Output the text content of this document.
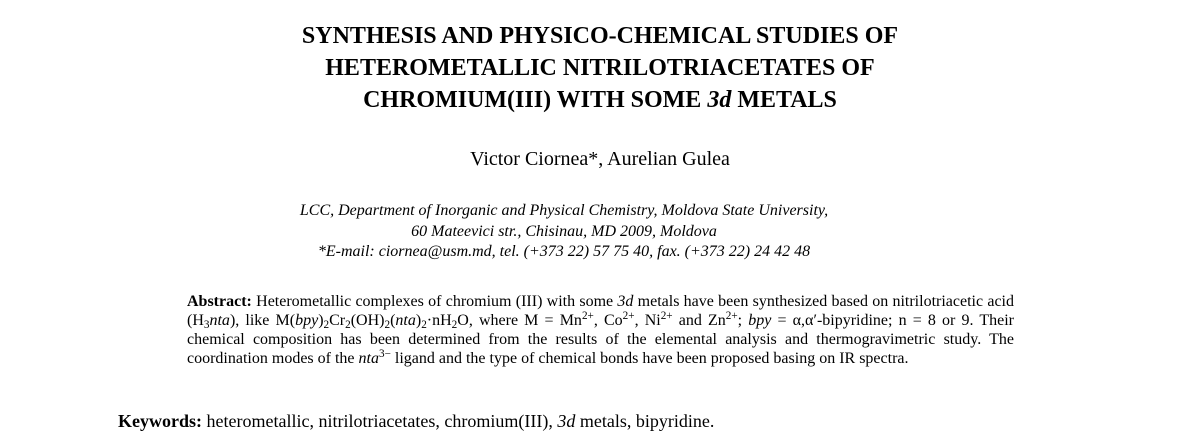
SYNTHESIS AND PHYSICO-CHEMICAL STUDIES OF
HETEROMETALLIC NITRILOTRIACETATES OF
CHROMIUM(III) WITH SOME 3d METALS
Victor Ciornea*, Aurelian Gulea
LCC, Department of Inorganic and Physical Chemistry, Moldova State University,
60 Mateevici str., Chisinau, MD 2009, Moldova
*E-mail: ciornea@usm.md, tel. (+373 22) 57 75 40, fax. (+373 22) 24 42 48
Abstract: Heterometallic complexes of chromium (III) with some 3d metals have been synthesized based on nitrilotriacetic acid $(H_3nta)$, like $M(bpy)_2Cr_2(OH)_2(nta)_2\cdot nH_2O$, where $M = Mn^{2+}$, $Co^{2+}$, $Ni^{2+}$ and $Zn^{2+}$; bpy = α,α′-bipyridine; n = 8 or 9. Their chemical composition has been determined from the results of the elemental analysis and thermogravimetric study. The coordination modes of the nta$^{3-}$ ligand and the type of chemical bonds have been proposed basing on IR spectra.
Keywords: heterometallic, nitrilotriacetates, chromium(III), 3d metals, bipyridine.
